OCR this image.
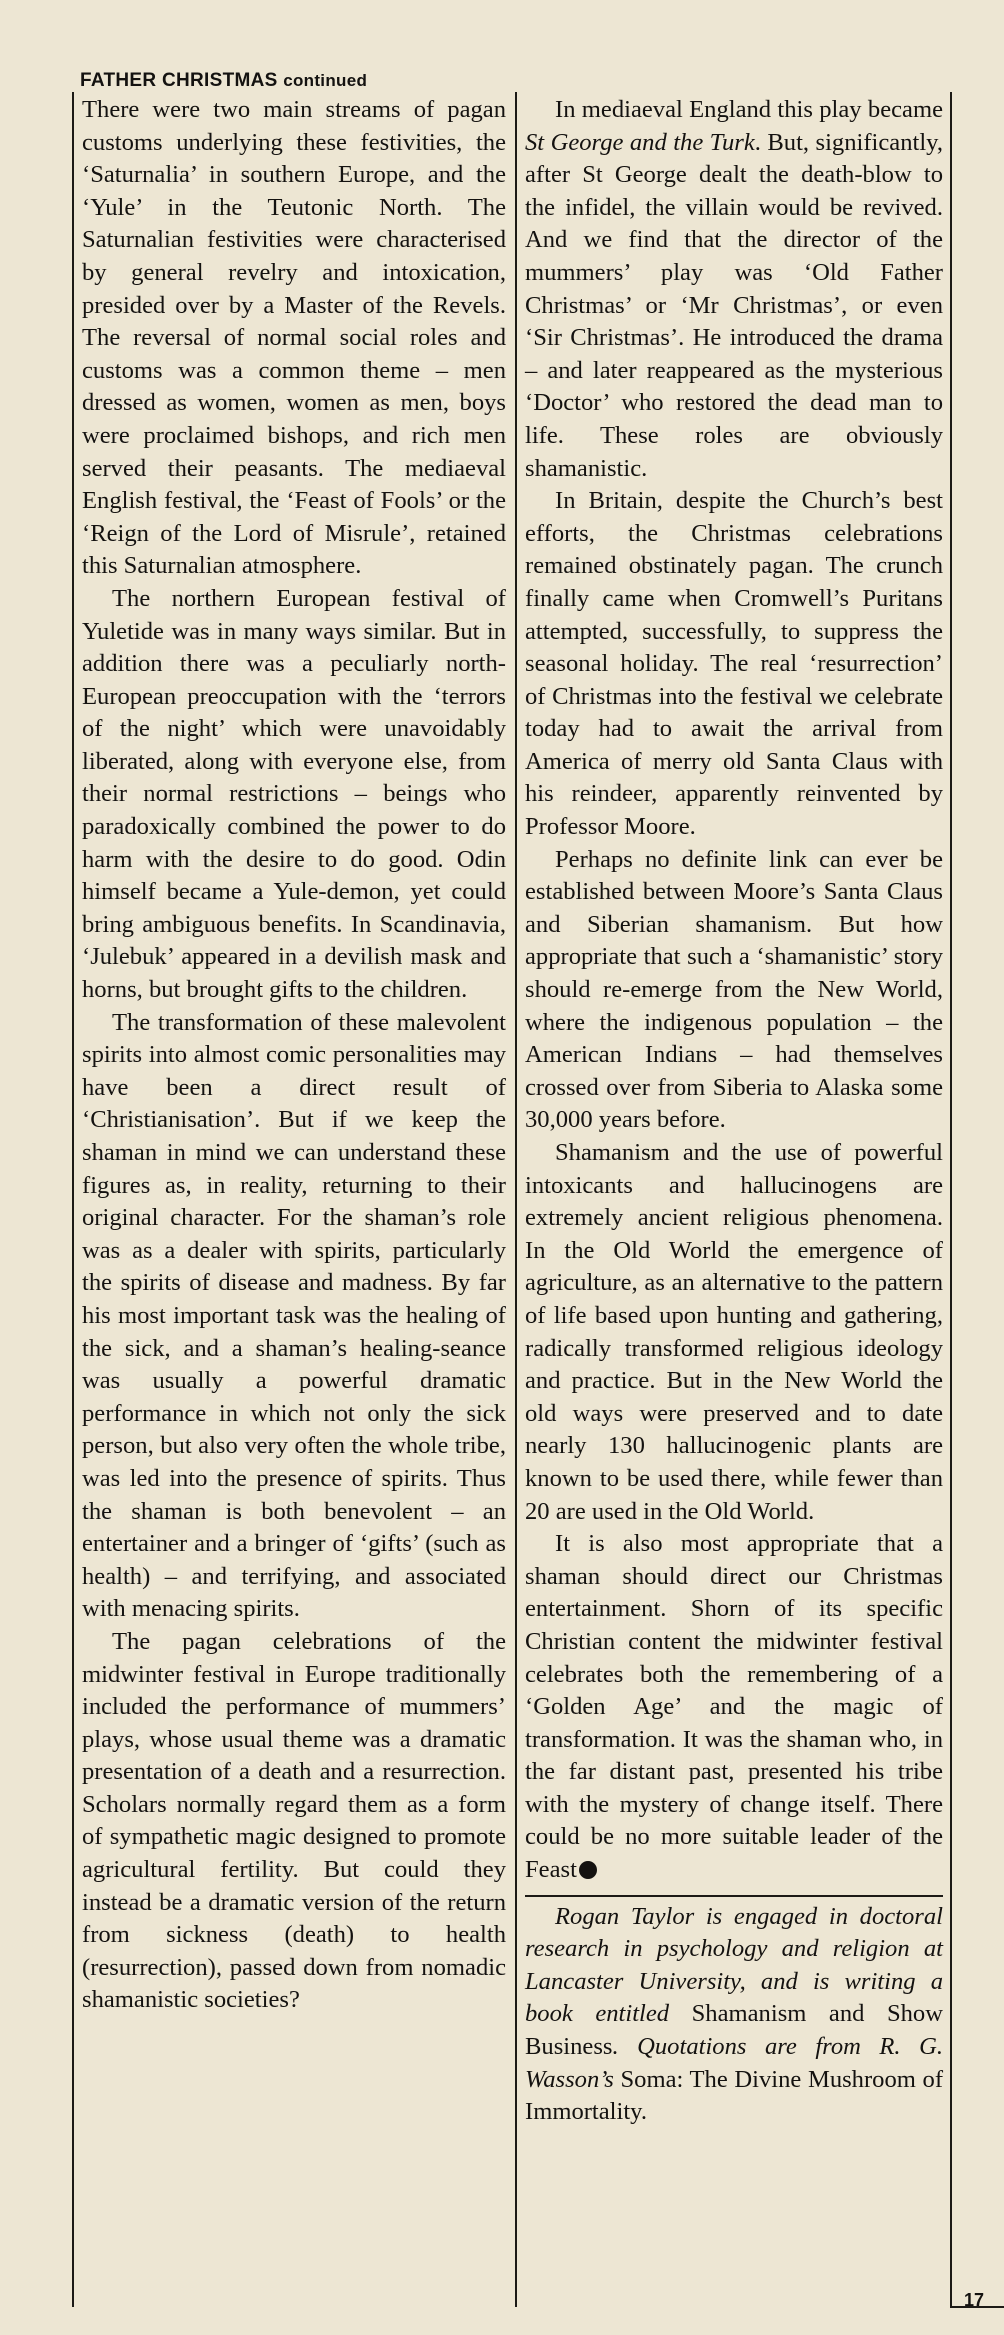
FATHER CHRISTMAS continued

There were two main streams of pagan customs underlying these festivities, the ‘Saturnalia’ in southern Europe, and the ‘Yule’ in the Teutonic North. The Saturnalian festivities were characterised by general revelry and intoxication, presided over by a Master of the Revels. The reversal of normal social roles and customs was a common theme – men dressed as women, women as men, boys were proclaimed bishops, and rich men served their peasants. The mediaeval English festival, the ‘Feast of Fools’ or the ‘Reign of the Lord of Misrule’, retained this Saturnalian atmosphere.

The northern European festival of Yuletide was in many ways similar. But in addition there was a peculiarly north-European preoccupation with the ‘terrors of the night’ which were unavoidably liberated, along with everyone else, from their normal restrictions – beings who paradoxically combined the power to do harm with the desire to do good. Odin himself became a Yule-demon, yet could bring ambiguous benefits. In Scandinavia, ‘Julebuk’ appeared in a devilish mask and horns, but brought gifts to the children.

The transformation of these malevolent spirits into almost comic personalities may have been a direct result of ‘Christianisation’. But if we keep the shaman in mind we can understand these figures as, in reality, returning to their original character. For the shaman’s role was as a dealer with spirits, particularly the spirits of disease and madness. By far his most important task was the healing of the sick, and a shaman’s healing-seance was usually a powerful dramatic performance in which not only the sick person, but also very often the whole tribe, was led into the presence of spirits. Thus the shaman is both benevolent – an entertainer and a bringer of ‘gifts’ (such as health) – and terrifying, and associated with menacing spirits.

The pagan celebrations of the midwinter festival in Europe traditionally included the performance of mummers’ plays, whose usual theme was a dramatic presentation of a death and a resurrection. Scholars normally regard them as a form of sympathetic magic designed to promote agricultural fertility. But could they instead be a dramatic version of the return from sickness (death) to health (resurrection), passed down from nomadic shamanistic societies?

In mediaeval England this play became St George and the Turk. But, significantly, after St George dealt the death-blow to the infidel, the villain would be revived. And we find that the director of the mummers’ play was ‘Old Father Christmas’ or ‘Mr Christmas’, or even ‘Sir Christmas’. He introduced the drama – and later reappeared as the mysterious ‘Doctor’ who restored the dead man to life. These roles are obviously shamanistic.

In Britain, despite the Church’s best efforts, the Christmas celebrations remained obstinately pagan. The crunch finally came when Cromwell’s Puritans attempted, successfully, to suppress the seasonal holiday. The real ‘resurrection’ of Christmas into the festival we celebrate today had to await the arrival from America of merry old Santa Claus with his reindeer, apparently reinvented by Professor Moore.

Perhaps no definite link can ever be established between Moore’s Santa Claus and Siberian shamanism. But how appropriate that such a ‘shamanistic’ story should re-emerge from the New World, where the indigenous population – the American Indians – had themselves crossed over from Siberia to Alaska some 30,000 years before.

Shamanism and the use of powerful intoxicants and hallucinogens are extremely ancient religious phenomena. In the Old World the emergence of agriculture, as an alternative to the pattern of life based upon hunting and gathering, radically transformed religious ideology and practice. But in the New World the old ways were preserved and to date nearly 130 hallucinogenic plants are known to be used there, while fewer than 20 are used in the Old World.

It is also most appropriate that a shaman should direct our Christmas entertainment. Shorn of its specific Christian content the midwinter festival celebrates both the remembering of a ‘Golden Age’ and the magic of transformation. It was the shaman who, in the far distant past, presented his tribe with the mystery of change itself. There could be no more suitable leader of the Feast

Rogan Taylor is engaged in doctoral research in psychology and religion at Lancaster University, and is writing a book entitled Shamanism and Show Business. Quotations are from R. G. Wasson’s Soma: The Divine Mushroom of Immortality.

17
